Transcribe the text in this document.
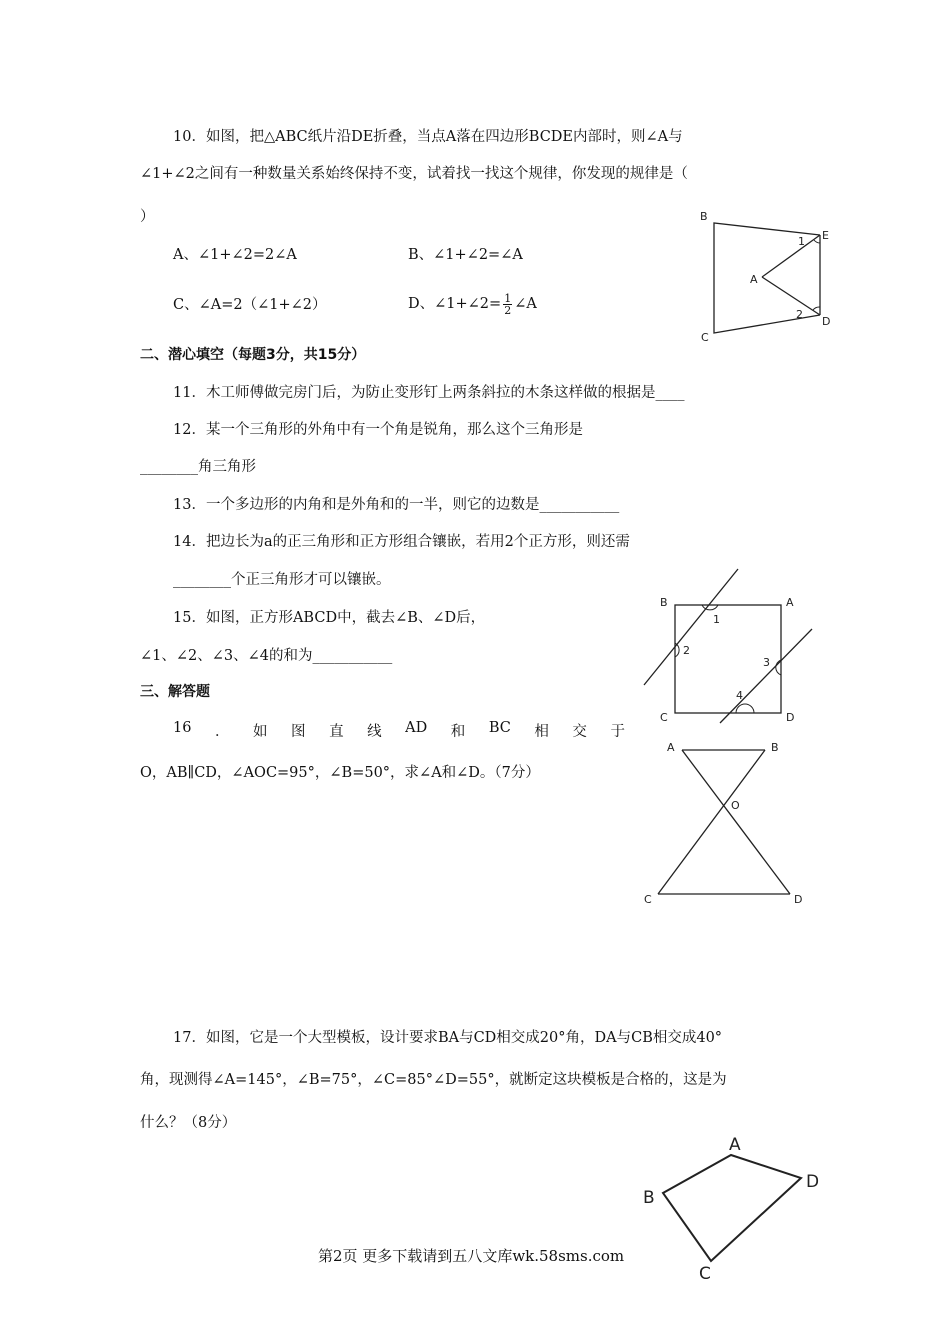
10．如图，把△ABC纸片沿DE折叠，当点A落在四边形BCDE内部时，则∠A与
∠1+∠2之间有一种数量关系始终保持不变，试着找一找这个规律，你发现的规律是（
）
A、∠1+∠2=2∠A	B、∠1+∠2=∠A
C、∠A=2（∠1+∠2）	D、∠1+∠2= $\frac{1}{2}$ ∠A
B
E
1
A
2
C
D
二、潜心填空（每题3分，共15分）
11．木工师傅做完房门后，为防止变形钉上两条斜拉的木条这样做的根据是____
12．某一个三角形的外角中有一个角是锐角，那么这个三角形是
________角三角形
13．一个多边形的内角和是外角和的一半，则它的边数是___________
14．把边长为a的正三角形和正方形组合镶嵌，若用2个正方形，则还需
________个正三角形才可以镶嵌。
15．如图，正方形ABCD中，截去∠B、∠D后，
∠1、∠2、∠3、∠4的和为___________
B	A
C	D
1
2
3
4
三、解答题
16 ． 如 图 直 线 AD 和 BC 相 交 于
O，AB∥CD，∠AOC=95°，∠B=50°，求∠A和∠D。（7分）
A	B
O
C	D
17．如图，它是一个大型模板，设计要求BA与CD相交成20°角，DA与CB相交成40°
角，现测得∠A=145°，∠B=75°，∠C=85°∠D=55°，就断定这块模板是合格的，这是为
什么？（8分）
A
B
D
C
第2页 更多下载请到五八文库wk.58sms.com
